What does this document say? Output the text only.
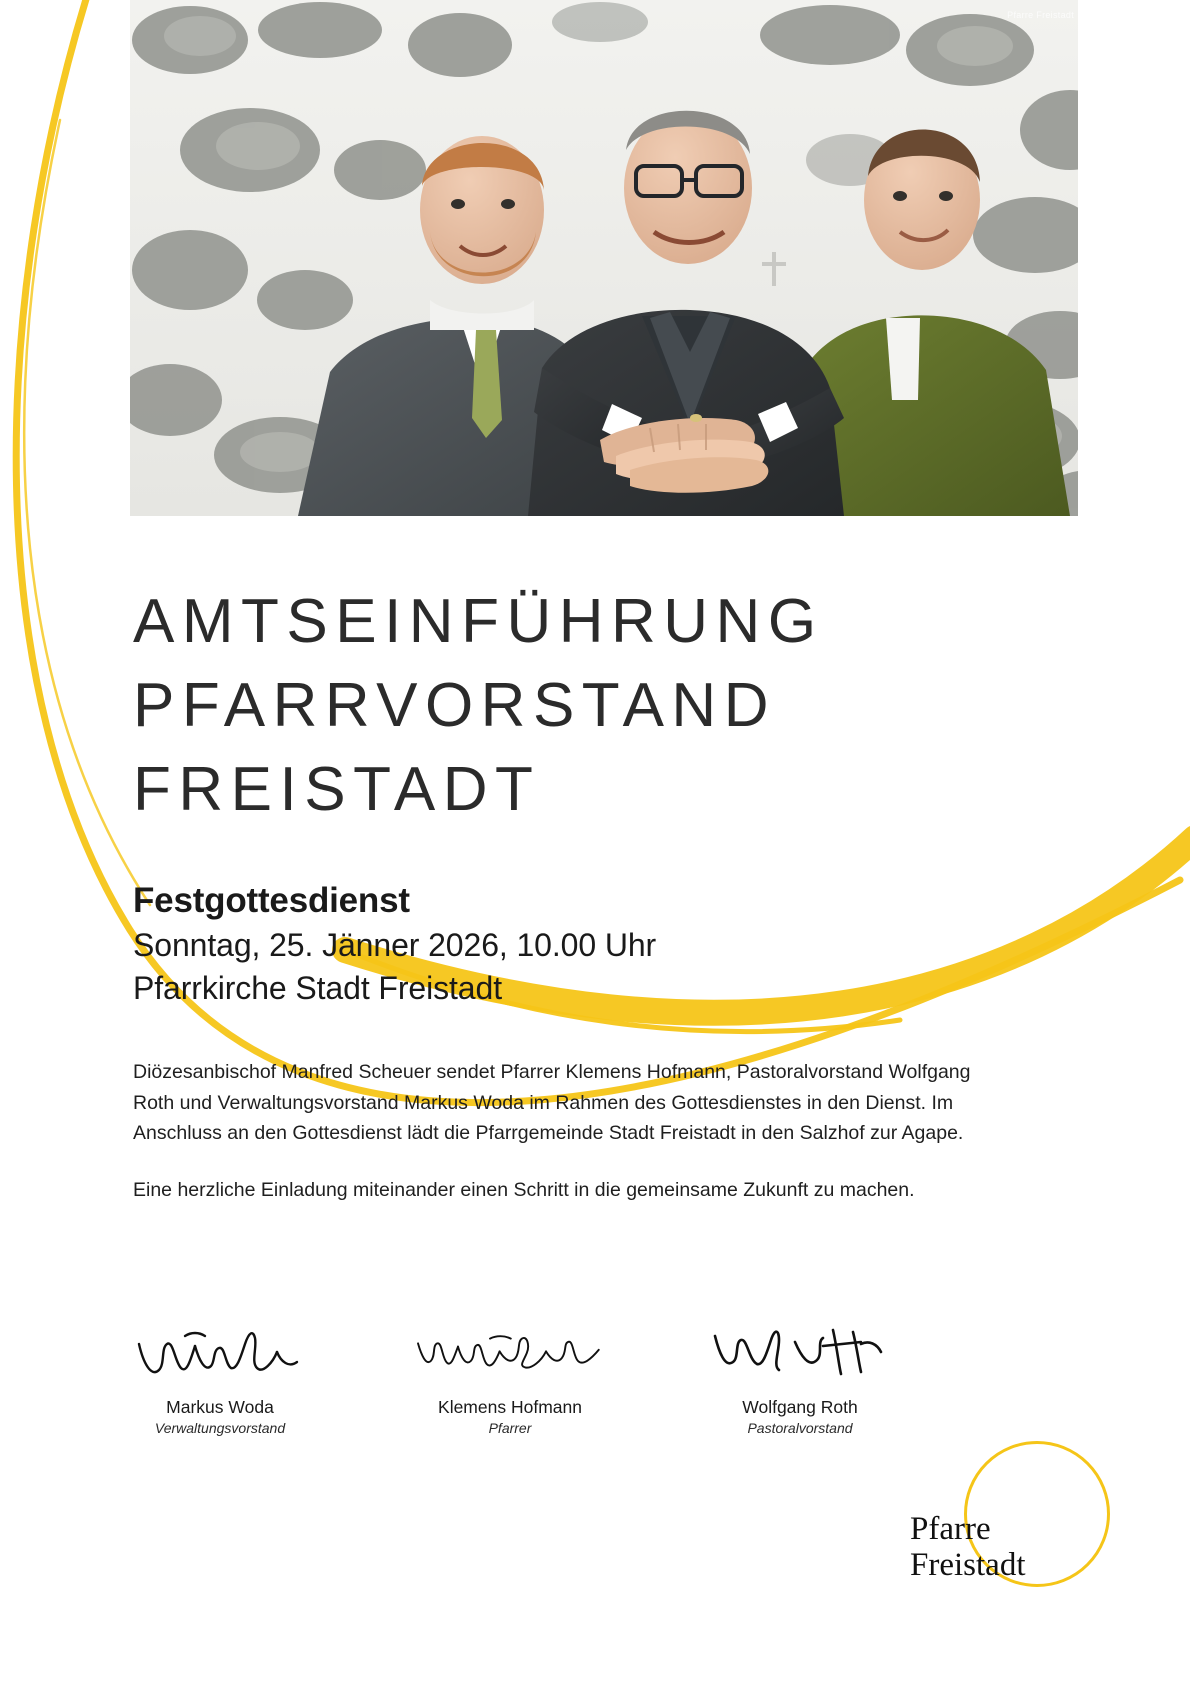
Pfarre Freistadt
AMTSEINFÜHRUNG
PFARRVORSTAND
FREISTADT
Festgottesdienst
Sonntag, 25. Jänner 2026, 10.00 Uhr
Pfarrkirche Stadt Freistadt

Diözesanbischof Manfred Scheuer sendet Pfarrer Klemens Hofmann, Pastoralvorstand Wolfgang Roth und Verwaltungsvorstand Markus Woda im Rahmen des Gottesdienstes in den Dienst. Im Anschluss an den Gottesdienst lädt die Pfarrgemeinde Stadt Freistadt in den Salzhof zur Agape.

Eine herzliche Einladung miteinander einen Schritt in die gemeinsame Zukunft zu machen.

Markus Woda
Verwaltungsvorstand
Klemens Hofmann
Pfarrer
Wolfgang Roth
Pastoralvorstand
Pfarre
Freistadt
